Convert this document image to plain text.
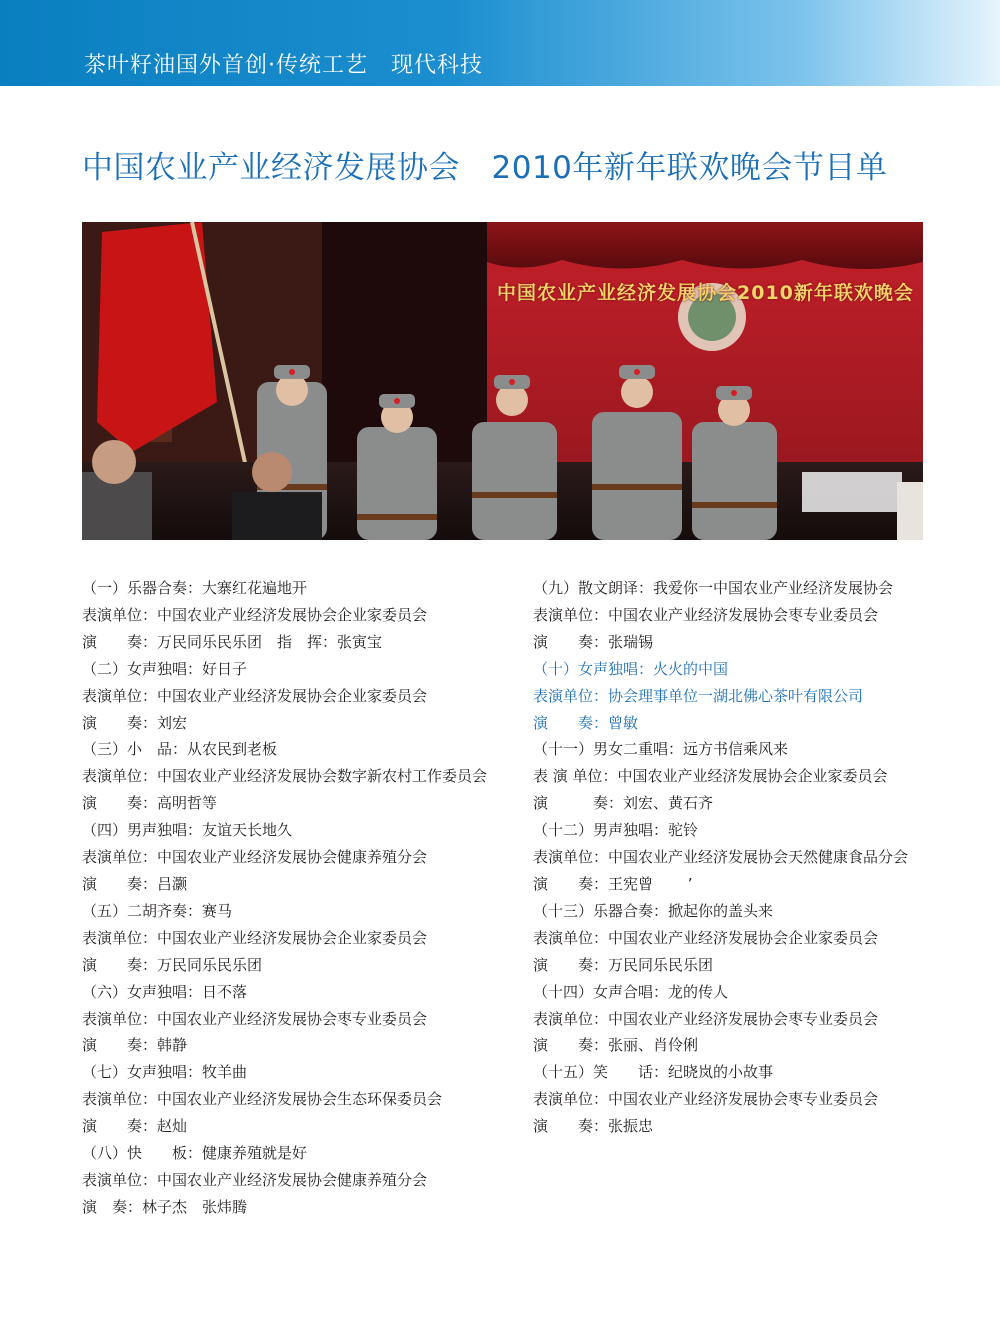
茶叶籽油国外首创·传统工艺　现代科技
中国农业产业经济发展协会　2010年新年联欢晚会节目单
中国农业产业经济发展协会2010新年联欢晚会
（一）乐器合奏：大寨红花遍地开
表演单位：中国农业产业经济发展协会企业家委员会
演　　奏：万民同乐民乐团　指　挥：张寅宝
（二）女声独唱：好日子
表演单位：中国农业产业经济发展协会企业家委员会
演　　奏：刘宏
（三）小　品：从农民到老板
表演单位：中国农业产业经济发展协会数字新农村工作委员会
演　　奏：高明哲等
（四）男声独唱：友谊天长地久
表演单位：中国农业产业经济发展协会健康养殖分会
演　　奏：吕灏
（五）二胡齐奏：赛马
表演单位：中国农业产业经济发展协会企业家委员会
演　　奏：万民同乐民乐团
（六）女声独唱：日不落
表演单位：中国农业产业经济发展协会枣专业委员会
演　　奏：韩静
（七）女声独唱：牧羊曲
表演单位：中国农业产业经济发展协会生态环保委员会
演　　奏：赵灿
（八）快　　板：健康养殖就是好
表演单位：中国农业产业经济发展协会健康养殖分会
演　奏：林子杰　张炜腾
（九）散文朗译：我爱你一中国农业产业经济发展协会
表演单位：中国农业产业经济发展协会枣专业委员会
演　　奏：张瑞锡
（十）女声独唱：火火的中国
表演单位：协会理事单位一湖北佛心茶叶有限公司
演　　奏：曾敏
（十一）男女二重唱：远方书信乘风来
表 演 单位：中国农业产业经济发展协会企业家委员会
演　　　奏：刘宏、黄石齐
（十二）男声独唱：驼铃
表演单位：中国农业产业经济发展协会天然健康食品分会
演　　奏：王宪曾　　 ’
（十三）乐器合奏：掀起你的盖头来
表演单位：中国农业产业经济发展协会企业家委员会
演　　奏：万民同乐民乐团
（十四）女声合唱：龙的传人
表演单位：中国农业产业经济发展协会枣专业委员会
演　　奏：张丽、肖伶俐
（十五）笑　　话：纪晓岚的小故事
表演单位：中国农业产业经济发展协会枣专业委员会
演　　奏：张振忠
